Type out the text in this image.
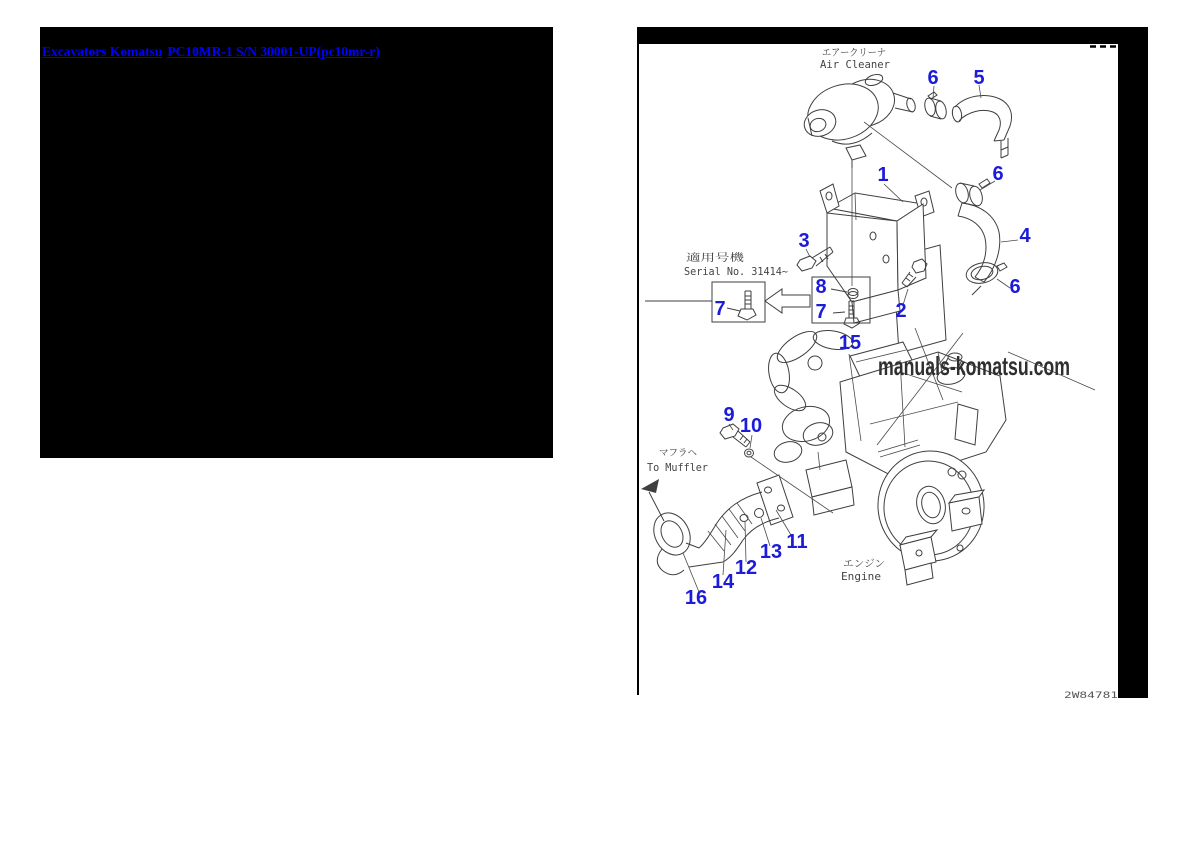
Excavators Komatsu PC10MR-1 S/N 30001-UP(pc10mr-r)
適用号機
Serial No. 31414~
manuals-komatsu.com
エアークリーナ
Air Cleaner
マフラヘ
To Muffler
エンジン
Engine
2W84781
1
2
3	4
5
6
6
6
7
8
7
9 10
11
12
13
14
15
16
